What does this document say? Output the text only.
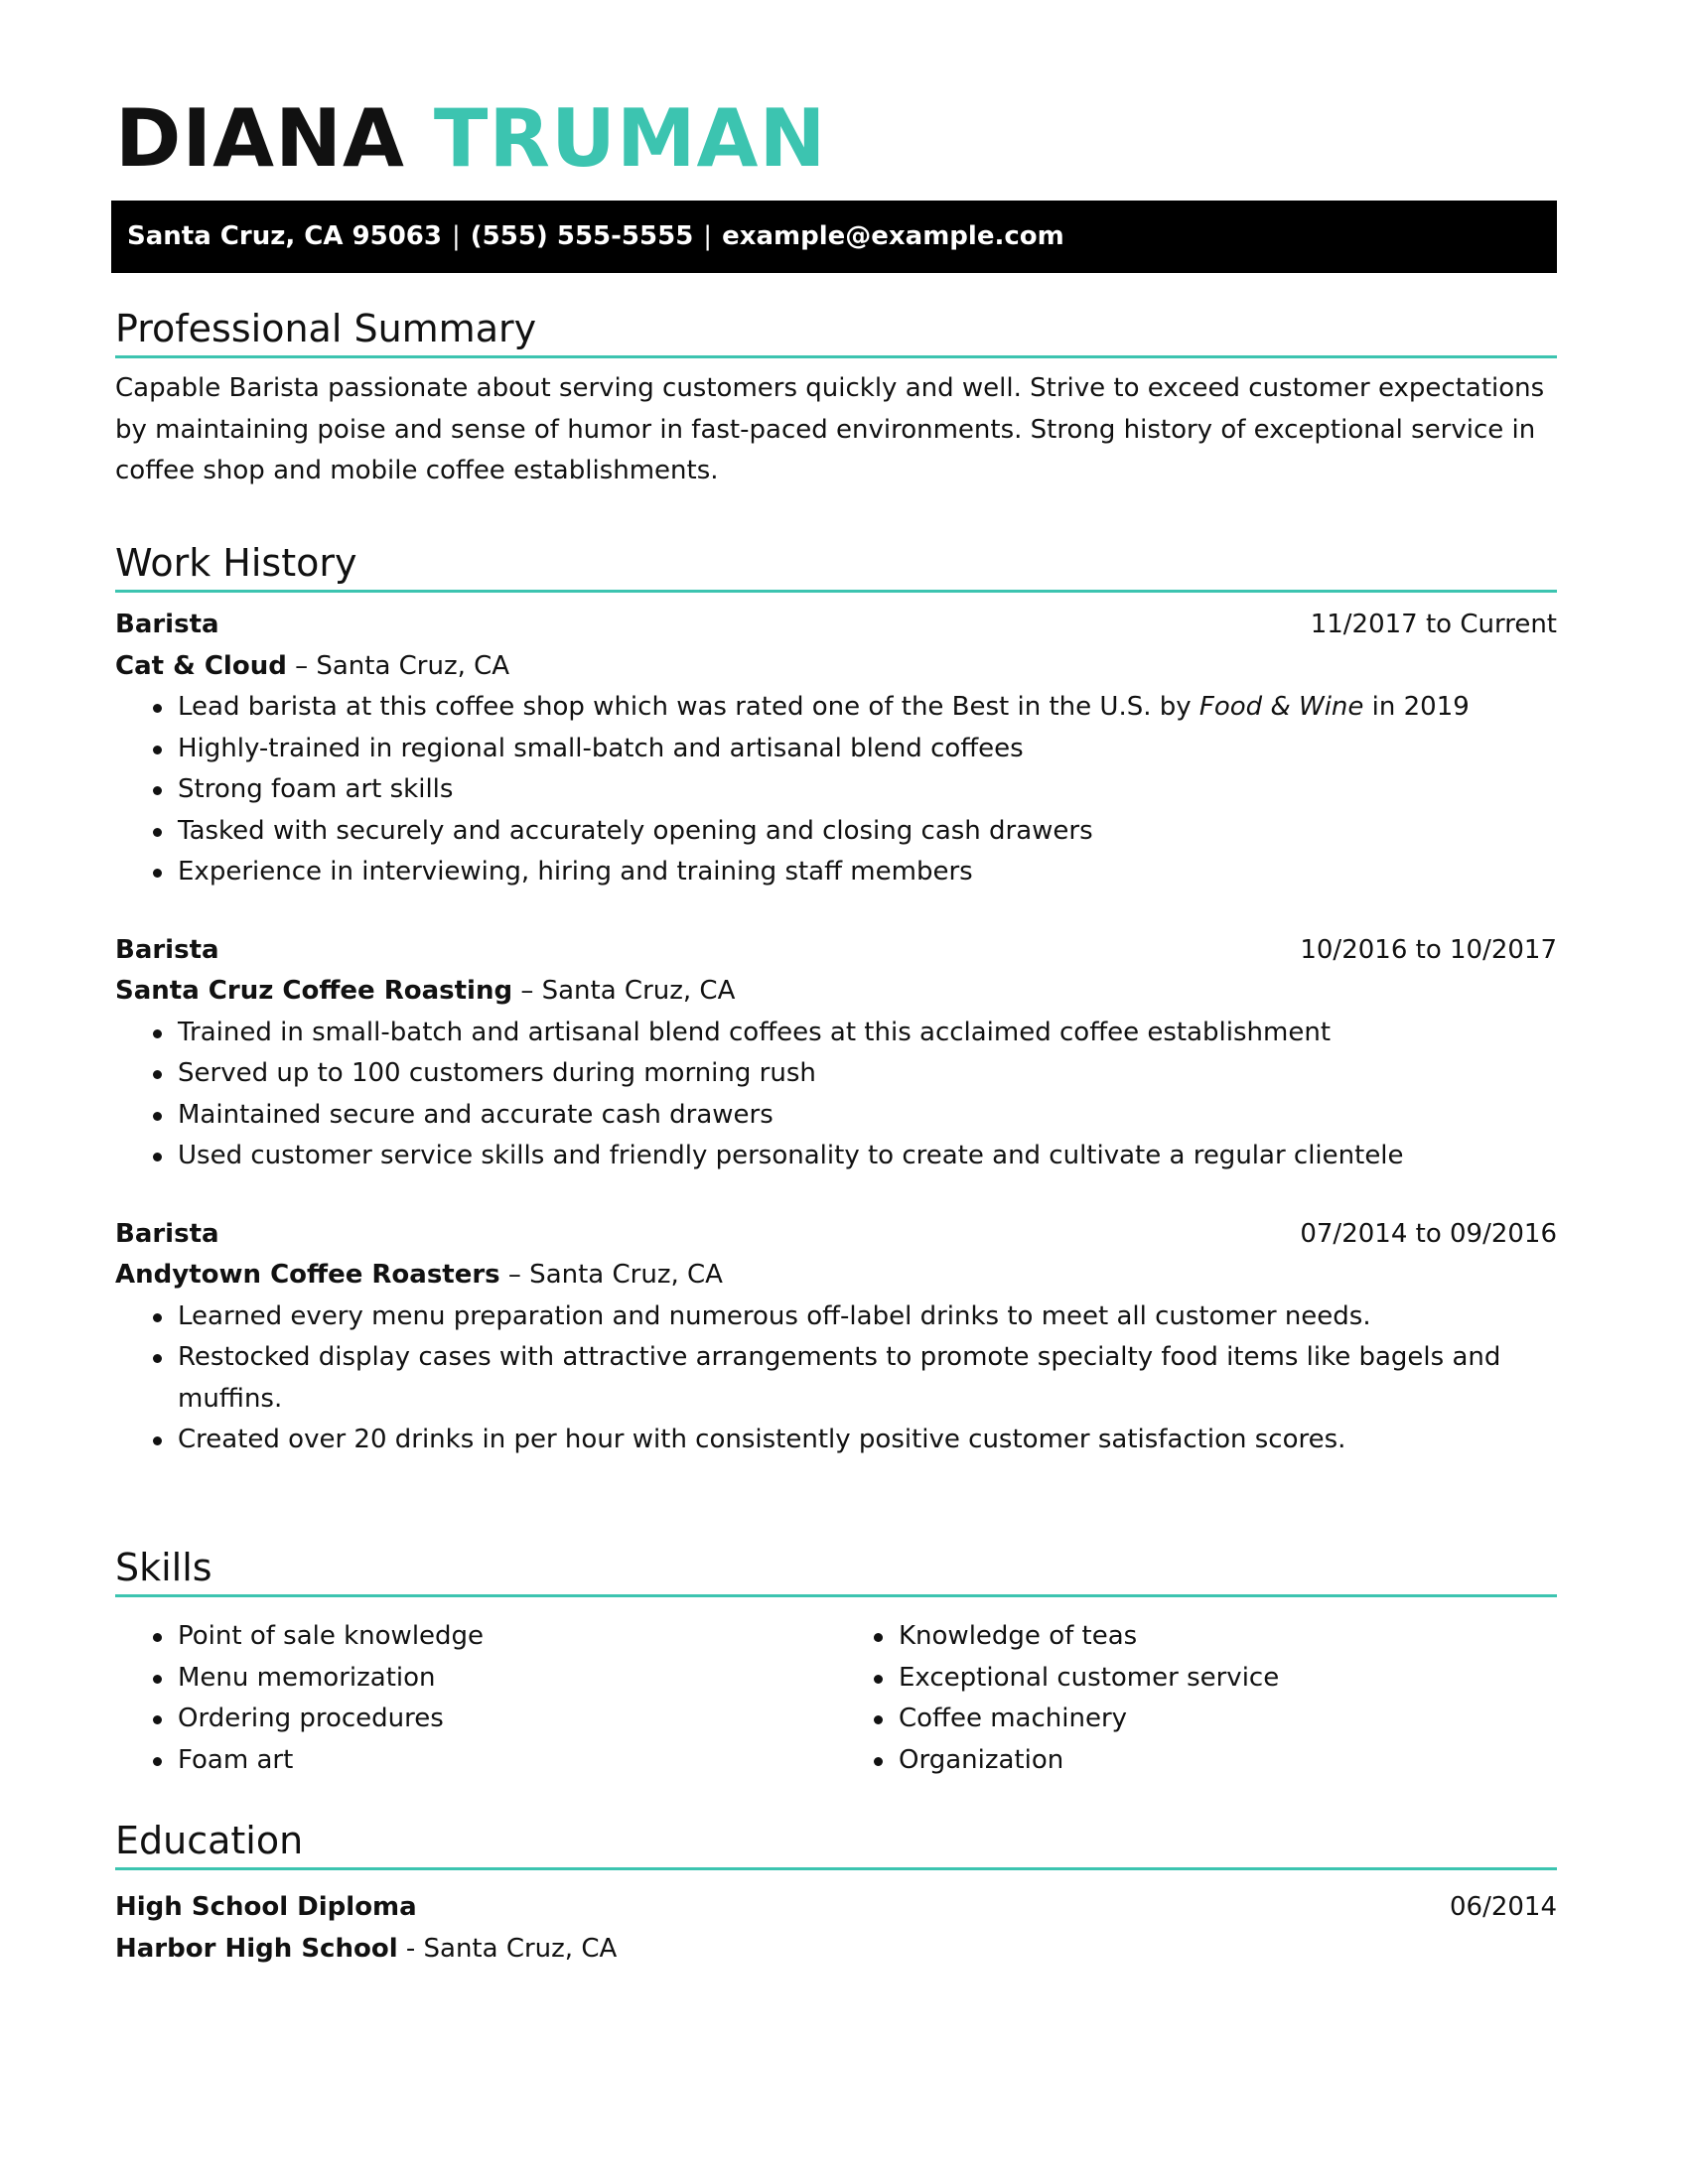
DIANA TRUMAN
Santa Cruz, CA 95063 | (555) 555-5555 | example@example.com
Professional Summary
Capable Barista passionate about serving customers quickly and well. Strive to exceed customer expectations by maintaining poise and sense of humor in fast-paced environments. Strong history of exceptional service in coffee shop and mobile coffee establishments.
Work History
Barista	11/2017 to Current
Cat & Cloud – Santa Cruz, CA
Lead barista at this coffee shop which was rated one of the Best in the U.S. by Food & Wine in 2019
Highly-trained in regional small-batch and artisanal blend coffees
Strong foam art skills
Tasked with securely and accurately opening and closing cash drawers
Experience in interviewing, hiring and training staff members
Barista	10/2016 to 10/2017
Santa Cruz Coffee Roasting – Santa Cruz, CA
Trained in small-batch and artisanal blend coffees at this acclaimed coffee establishment
Served up to 100 customers during morning rush
Maintained secure and accurate cash drawers
Used customer service skills and friendly personality to create and cultivate a regular clientele
Barista	07/2014 to 09/2016
Andytown Coffee Roasters – Santa Cruz, CA
Learned every menu preparation and numerous off-label drinks to meet all customer needs.
Restocked display cases with attractive arrangements to promote specialty food items like bagels and muffins.
Created over 20 drinks in per hour with consistently positive customer satisfaction scores.
Skills
Point of sale knowledge
Menu memorization
Ordering procedures
Foam art
Knowledge of teas
Exceptional customer service
Coffee machinery
Organization
Education
High School Diploma	06/2014
Harbor High School - Santa Cruz, CA
